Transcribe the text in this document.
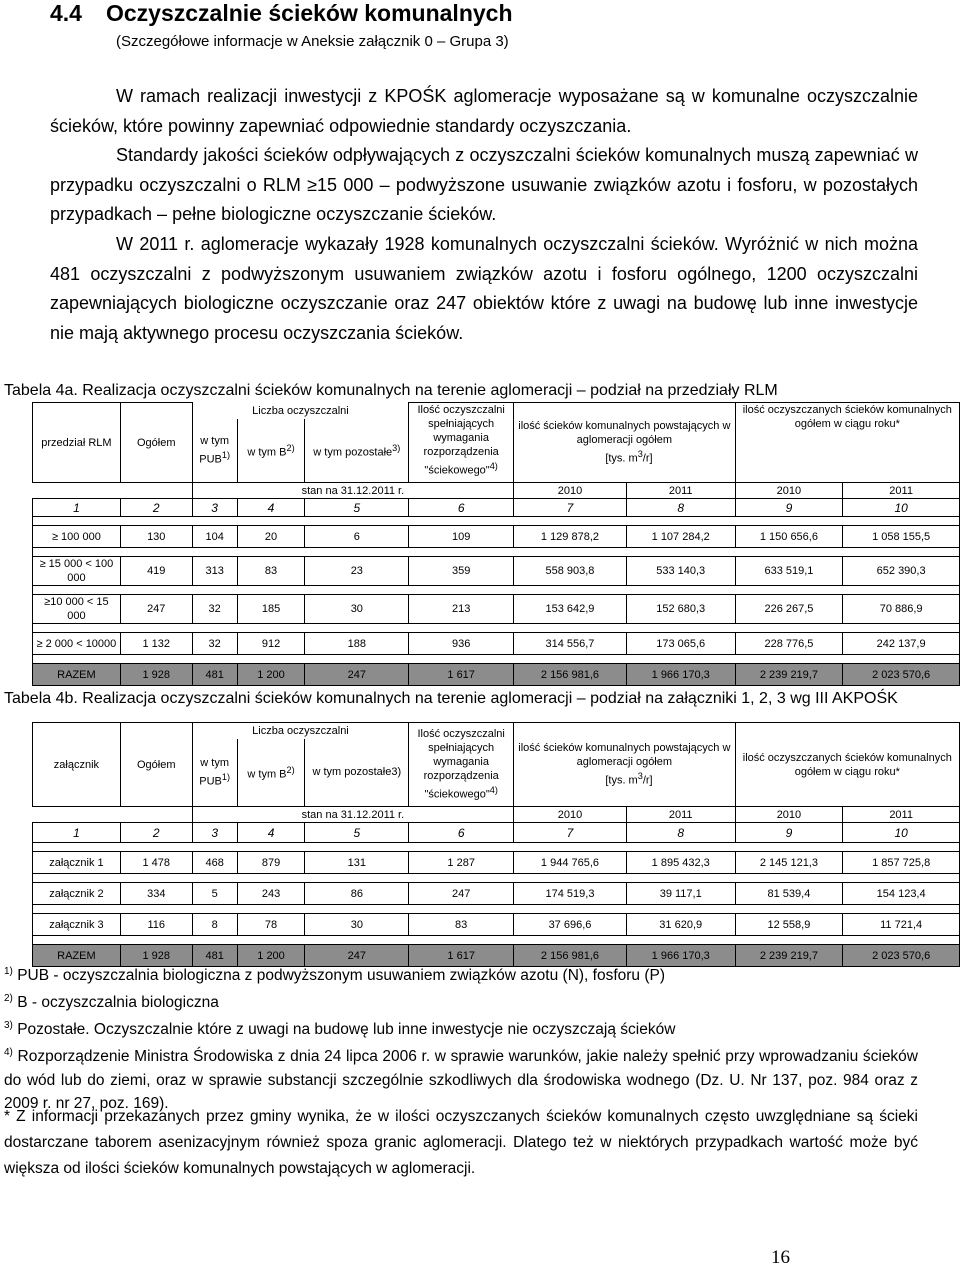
4.4 Oczyszczalnie ścieków komunalnych
(Szczegółowe informacje w Aneksie załącznik 0 – Grupa 3)
W ramach realizacji inwestycji z KPOŚK aglomeracje wyposażane są w komunalne oczyszczalnie ścieków, które powinny zapewniać odpowiednie standardy oczyszczania.
Standardy jakości ścieków odpływających z oczyszczalni ścieków komunalnych muszą zapewniać w przypadku oczyszczalni o RLM ≥15 000 – podwyższone usuwanie związków azotu i fosforu, w pozostałych przypadkach – pełne biologiczne oczyszczanie ścieków.
W 2011 r. aglomeracje wykazały 1928 komunalnych oczyszczalni ścieków. Wyróżnić w nich można 481 oczyszczalni z podwyższonym usuwaniem związków azotu i fosforu ogólnego, 1200 oczyszczalni zapewniających biologiczne oczyszczanie oraz 247 obiektów które z uwagi na budowę lub inne inwestycje nie mają aktywnego procesu oczyszczania ścieków.
Tabela 4a. Realizacja oczyszczalni ścieków komunalnych na terenie aglomeracji – podział na przedziały RLM
przedział RLM	Ogółem	Liczba oczyszczalni			Ilość oczyszczalni spełniających wymagania rozporządzenia "ściekowego"$^{4)}$	ilość ścieków komunalnych powstających w aglomeracji ogółem
[tys. $m^3/r$]		ilość oczyszczanych ścieków komunalnych ogółem w ciągu roku*	
		w tym PUB$^{1)}$	w tym $B^{2)}$	w tym pozostałe$^{3)}$
		stan na 31.12.2011 r.				2010	2011	2010	2011
1	2	3	4	5	6	7	8	9	10

≥ 100 000	130	104	20	6	109	1 129 878,2	1 107 284,2	1 150 656,6	1 058 155,5

≥ 15 000 < 100 000	419	313	83	23	359	558 903,8	533 140,3	633 519,1	652 390,3

≥10 000 < 15 000	247	32	185	30	213	153 642,9	152 680,3	226 267,5	70 886,9

≥ 2 000 < 10000	1 132	32	912	188	936	314 556,7	173 065,6	228 776,5	242 137,9

RAZEM	1 928	481	1 200	247	1 617	2 156 981,6	1 966 170,3	2 239 219,7	2 023 570,6
Tabela 4b. Realizacja oczyszczalni ścieków komunalnych na terenie aglomeracji – podział na załączniki 1, 2, 3 wg III AKPOŚK
załącznik	Ogółem	Liczba oczyszczalni			Ilość oczyszczalni spełniających wymagania rozporządzenia "ściekowego"$^{4)}$	ilość ścieków komunalnych powstających w aglomeracji ogółem
[tys. $m^3/r$]		ilość oczyszczanych ścieków komunalnych ogółem w ciągu roku*	
		w tym PUB$^{1)}$	w tym $B^{2)}$	w tym pozostałe3)					
		stan na 31.12.2011 r.				2010	2011	2010	2011
1	2	3	4	5	6	7	8	9	10

załącznik 1	1 478	468	879	131	1 287	1 944 765,6	1 895 432,3	2 145 121,3	1 857 725,8

załącznik 2	334	5	243	86	247	174 519,3	39 117,1	81 539,4	154 123,4

załącznik 3	116	8	78	30	83	37 696,6	31 620,9	12 558,9	11 721,4

RAZEM	1 928	481	1 200	247	1 617	2 156 981,6	1 966 170,3	2 239 219,7	2 023 570,6

$^{1)}$ PUB - oczyszczalnia biologiczna z podwyższonym usuwaniem związków azotu (N), fosforu (P)

$^{2)}$ B - oczyszczalnia biologiczna

$^{3)}$ Pozostałe. Oczyszczalnie które z uwagi na budowę lub inne inwestycje nie oczyszczają ścieków

$^{4)}$ Rozporządzenie Ministra Środowiska z dnia 24 lipca 2006 r. w sprawie warunków, jakie należy spełnić przy wprowadzaniu ścieków do wód lub do ziemi, oraz w sprawie substancji szczególnie szkodliwych dla środowiska wodnego (Dz. U. Nr 137, poz. 984 oraz z 2009 r. nr 27, poz. 169).

* Z informacji przekazanych przez gminy wynika, że w ilości oczyszczanych ścieków komunalnych często uwzględniane są ścieki dostarczane taborem asenizacyjnym również spoza granic aglomeracji. Dlatego też w niektórych przypadkach wartość może być większa od ilości ścieków komunalnych powstających w aglomeracji.
16
